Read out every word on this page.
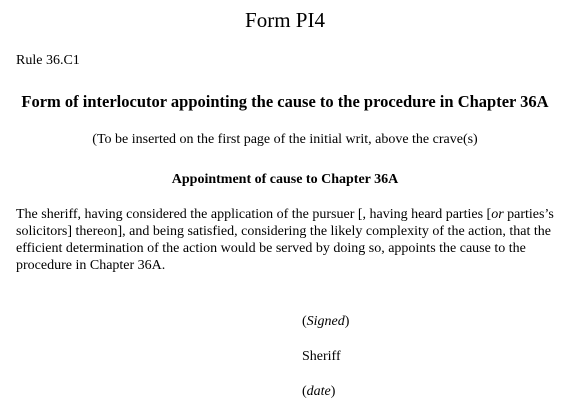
Form PI4

Rule 36.C1

Form of interlocutor appointing the cause to the procedure in Chapter 36A

(To be inserted on the first page of the initial writ, above the crave(s)

Appointment of cause to Chapter 36A

The sheriff, having considered the application of the pursuer [, having heard parties [or parties’s solicitors] thereon], and being satisfied, considering the likely complexity of the action, that the efficient determination of the action would be served by doing so, appoints the cause to the procedure in Chapter 36A.

(Signed)

Sheriff

(date)
